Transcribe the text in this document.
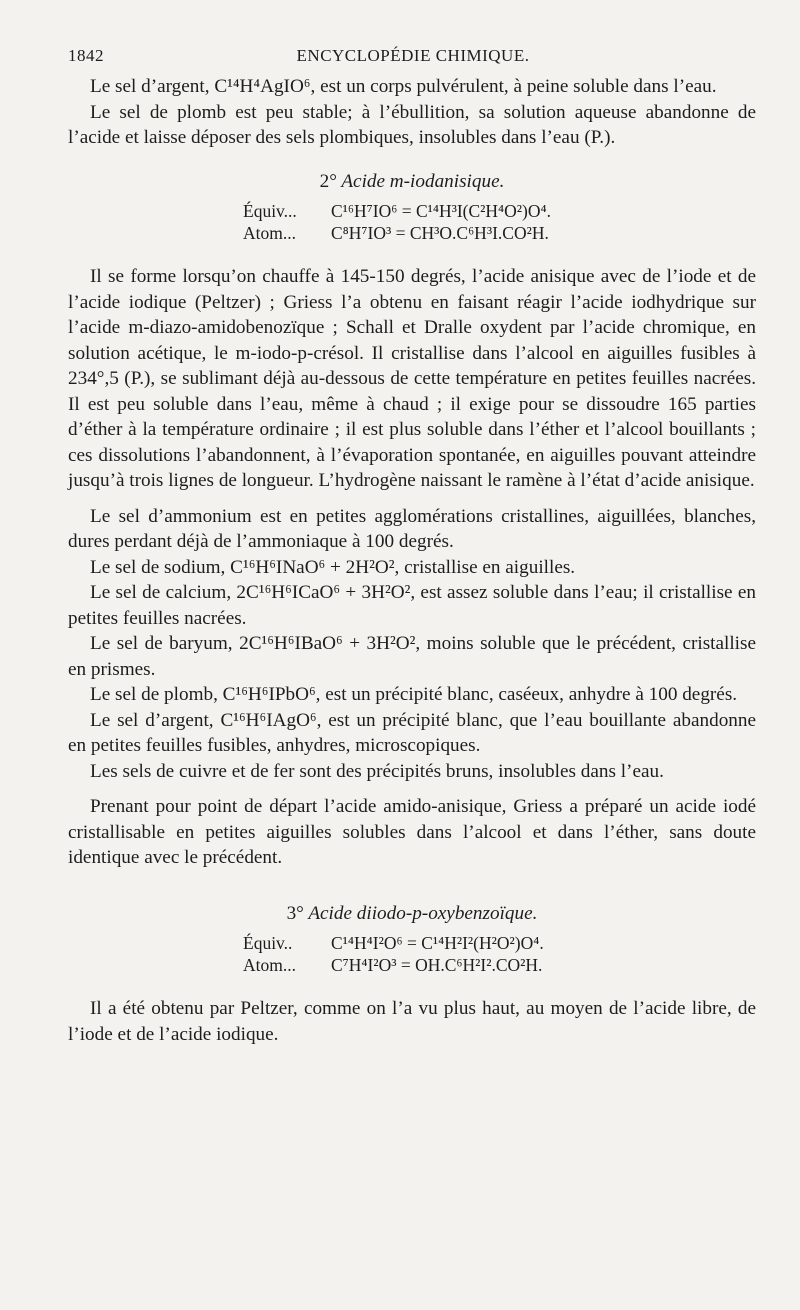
1842	ENCYCLOPÉDIE CHIMIQUE.

Le sel d’argent, C¹⁴H⁴AgIO⁶, est un corps pulvérulent, à peine soluble dans l’eau.

Le sel de plomb est peu stable; à l’ébullition, sa solution aqueuse abandonne de l’acide et laisse déposer des sels plombiques, insolubles dans l’eau (P.).

2° Acide m-iodanisique.
Équiv...	C¹⁶H⁷IO⁶ = C¹⁴H³I(C²H⁴O²)O⁴.
Atom...	C⁸H⁷IO³ = CH³O.C⁶H³I.CO²H.

Il se forme lorsqu’on chauffe à 145-150 degrés, l’acide anisique avec de l’iode et de l’acide iodique (Peltzer) ; Griess l’a obtenu en faisant réagir l’acide iodhydrique sur l’acide m-diazo-amidobenozïque ; Schall et Dralle oxydent par l’acide chromique, en solution acétique, le m-iodo-p-crésol. Il cristallise dans l’alcool en aiguilles fusibles à 234°,5 (P.), se sublimant déjà au-dessous de cette température en petites feuilles nacrées. Il est peu soluble dans l’eau, même à chaud ; il exige pour se dissoudre 165 parties d’éther à la température ordinaire ; il est plus soluble dans l’éther et l’alcool bouillants ; ces dissolutions l’abandonnent, à l’évaporation spontanée, en aiguilles pouvant atteindre jusqu’à trois lignes de longueur. L’hydrogène naissant le ramène à l’état d’acide anisique.

Le sel d’ammonium est en petites agglomérations cristallines, aiguillées, blanches, dures perdant déjà de l’ammoniaque à 100 degrés.

Le sel de sodium, C¹⁶H⁶INaO⁶ + 2H²O², cristallise en aiguilles.

Le sel de calcium, 2C¹⁶H⁶ICaO⁶ + 3H²O², est assez soluble dans l’eau; il cristallise en petites feuilles nacrées.

Le sel de baryum, 2C¹⁶H⁶IBaO⁶ + 3H²O², moins soluble que le précédent, cristallise en prismes.

Le sel de plomb, C¹⁶H⁶IPbO⁶, est un précipité blanc, caséeux, anhydre à 100 degrés.

Le sel d’argent, C¹⁶H⁶IAgO⁶, est un précipité blanc, que l’eau bouillante abandonne en petites feuilles fusibles, anhydres, microscopiques.

Les sels de cuivre et de fer sont des précipités bruns, insolubles dans l’eau.

Prenant pour point de départ l’acide amido-anisique, Griess a préparé un acide iodé cristallisable en petites aiguilles solubles dans l’alcool et dans l’éther, sans doute identique avec le précédent.

3° Acide diiodo-p-oxybenzoïque.
Équiv..	C¹⁴H⁴I²O⁶ = C¹⁴H²I²(H²O²)O⁴.
Atom...	C⁷H⁴I²O³ = OH.C⁶H²I².CO²H.

Il a été obtenu par Peltzer, comme on l’a vu plus haut, au moyen de l’acide libre, de l’iode et de l’acide iodique.
